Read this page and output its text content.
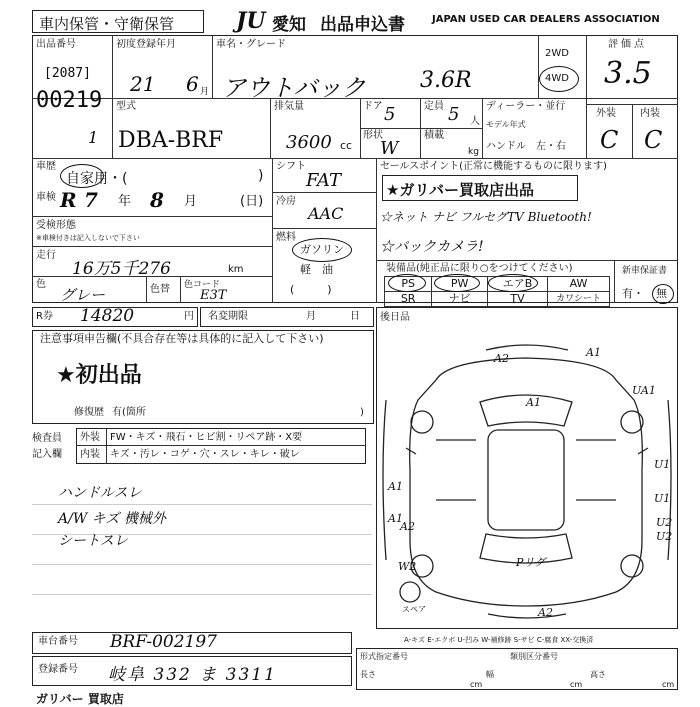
車内保管・守衛保管	JU 愛知 出品申込書	JAPAN USED CAR DEALERS ASSOCIATION
出品番号
[2087]
00219
1
初度登録年月
21 6 月
車名・グレード
アウトバック 3.6R
2WD
4WD
評価点
3.5
外装 内装
C C
型式
DBA-BRF
排気量
3600 cc
ドア 5	定員 5 人
形状
W
積載
kg
ディーラー・並行
モデル年式
ハンドル 左・右
車歴
自家用・(	)
車検 R 7 年 8 月	(日)
受検形態
※車検付きは記入しないで下さい
走行
16万5千276	km
色
グレー	色替 色コード
E3T
シフト
FAT
冷房
AAC
燃料
ガソリン
軽　油
(　　　)
セールスポイント(正常に機能するものに限ります)
★ガリバー買取店出品
☆ネット ナビ フルセグTV Bluetooth!
☆バックカメラ!
装備品(純正品に限り○をつけてください)	新車保証書
PS	PW	エアB	AW
SR	ナビ	TV	カワシート 有・ 無
R券 14820	円 名変期限	月	日
注意事項申告欄(不具合存在等は具体的に記入して下さい)
★初出品
修復歴 有(箇所	)
後日品
検査員
記入欄
外装 FW・キズ・飛石・ヒビ割・リペア跡・X要
内装 キズ・汚レ・コゲ・穴・スレ・キレ・破レ
ハンドルスレ
A/W キズ 機械外
シートスレ
A2	A1
A1
UA1
A1
U1
A1
U1
A2
W2
U2
U2
A2
Pリグ
スペア
A-キズ E-エクボ U-凹み W-補修跡 S-サビ C-腐食 XX-交換済
車台番号 BRF-002197
登録番号 岐阜 332 ま 3311
形式指定番号	類別区分番号
長さ	幅	高さ
cm	cm	cm
ガリバー 買取店
